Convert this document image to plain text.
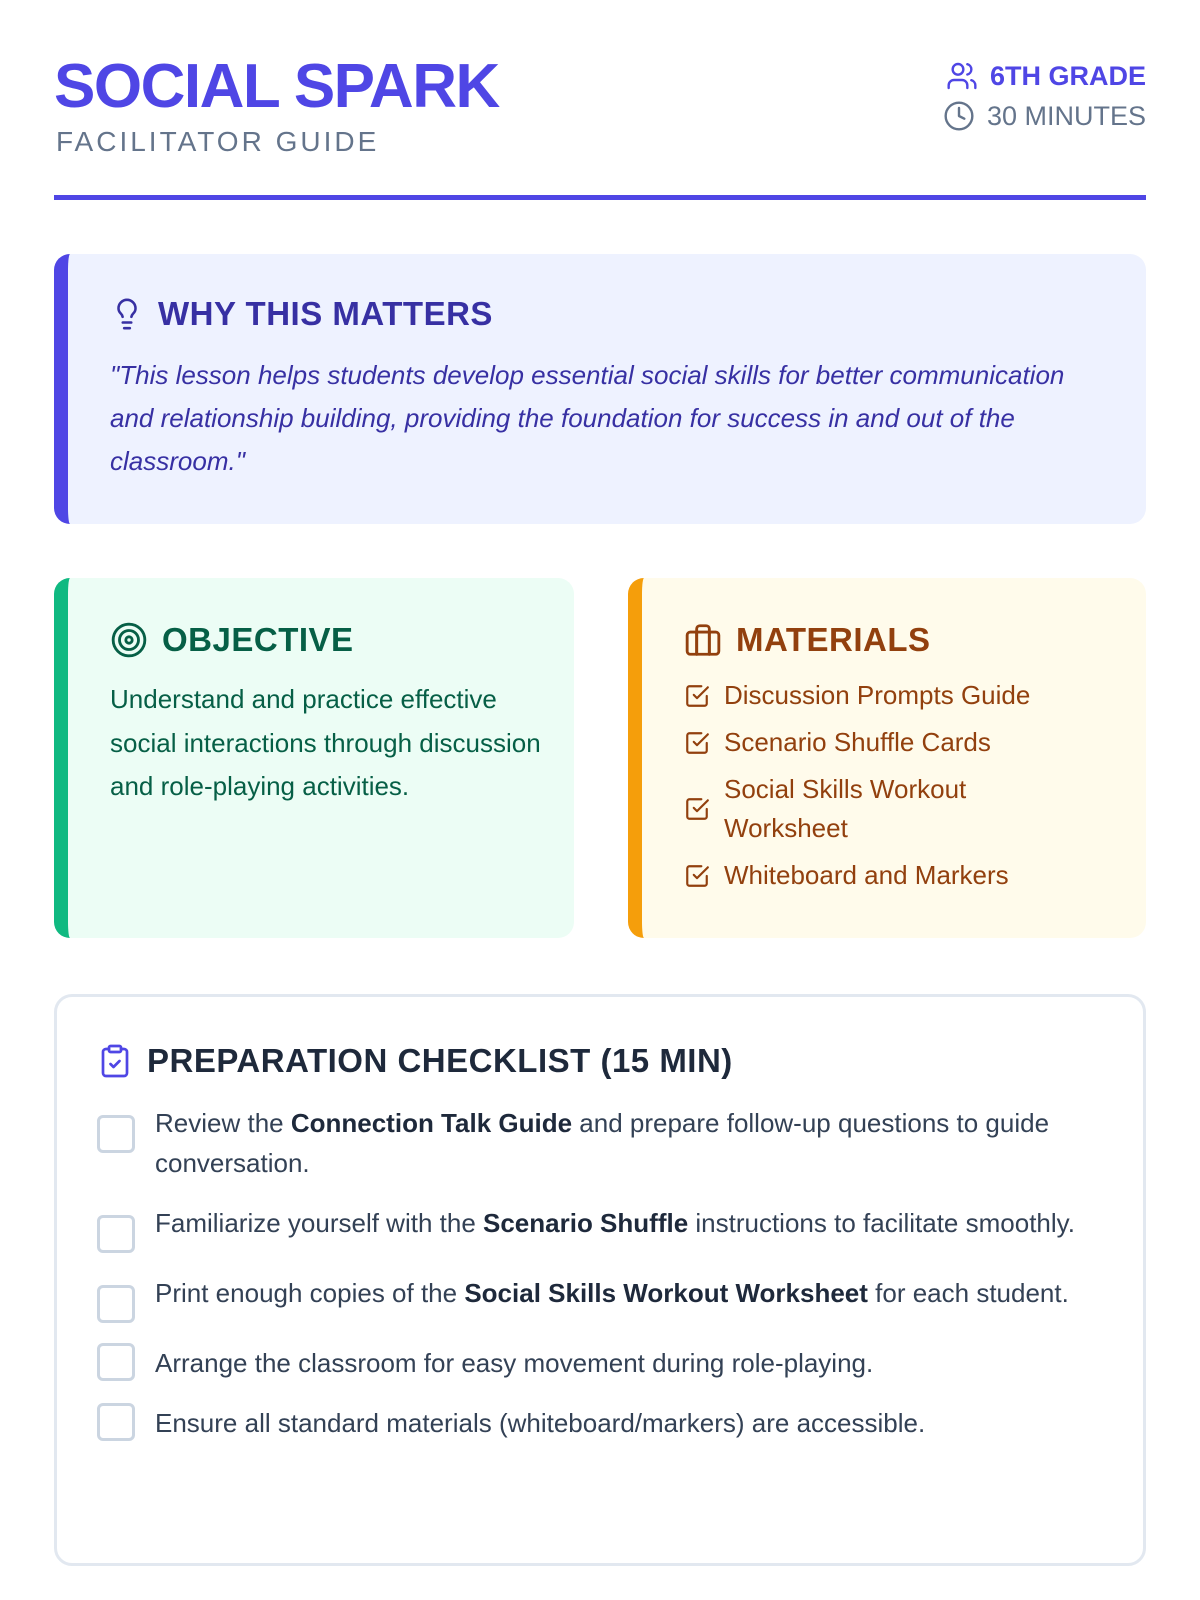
SOCIAL SPARK
FACILITATOR GUIDE
6TH GRADE
30 MINUTES
WHY THIS MATTERS

"This lesson helps students develop essential social skills for better communication and relationship building, providing the foundation for success in and out of the classroom."

OBJECTIVE

Understand and practice effective social interactions through discussion and role-playing activities.

MATERIALS
Discussion Prompts Guide
Scenario Shuffle Cards
Social Skills Workout Worksheet
Whiteboard and Markers
PREPARATION CHECKLIST (15 MIN)
Review the Connection Talk Guide and prepare follow-up questions to guide conversation.
Familiarize yourself with the Scenario Shuffle instructions to facilitate smoothly.
Print enough copies of the Social Skills Workout Worksheet for each student.
Arrange the classroom for easy movement during role-playing.
Ensure all standard materials (whiteboard/markers) are accessible.
